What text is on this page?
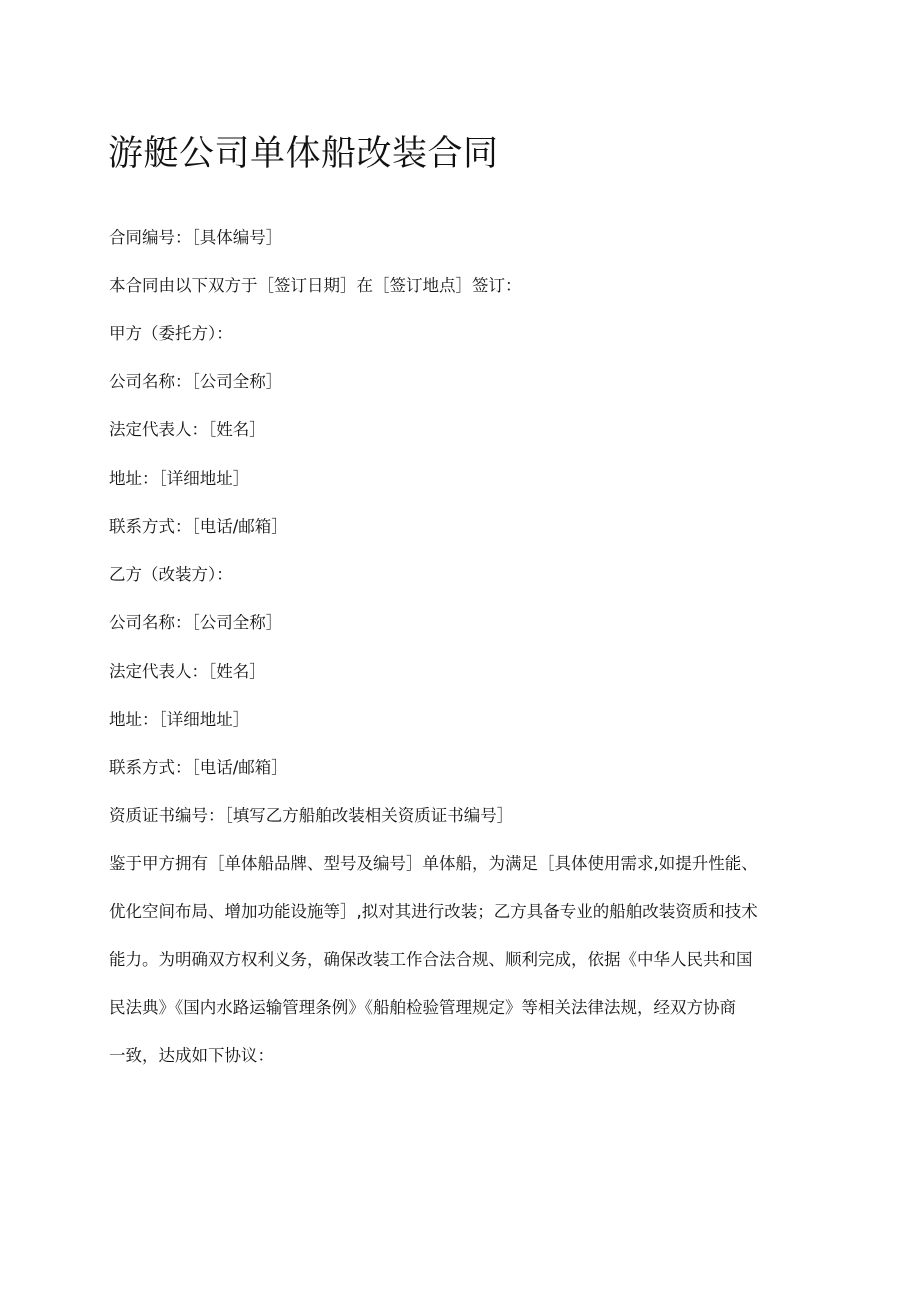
游艇公司单体船改装合同

合同编号：［具体编号］

本合同由以下双方于［签订日期］在［签订地点］签订：

甲方（委托方）：

公司名称：［公司全称］

法定代表人：［姓名］

地址：［详细地址］

联系方式：［电话/邮箱］

乙方（改装方）：

公司名称：［公司全称］

法定代表人：［姓名］

地址：［详细地址］

联系方式：［电话/邮箱］

资质证书编号：［填写乙方船舶改装相关资质证书编号］

鉴于甲方拥有［单体船品牌、型号及编号］单体船，为满足［具体使用需求,如提升性能、
优化空间布局、增加功能设施等］,拟对其进行改装；乙方具备专业的船舶改装资质和技术
能力。为明确双方权利义务，确保改装工作合法合规、顺利完成，依据《中华人民共和国
民法典》《国内水路运输管理条例》《船舶检验管理规定》等相关法律法规，经双方协商
一致，达成如下协议：
